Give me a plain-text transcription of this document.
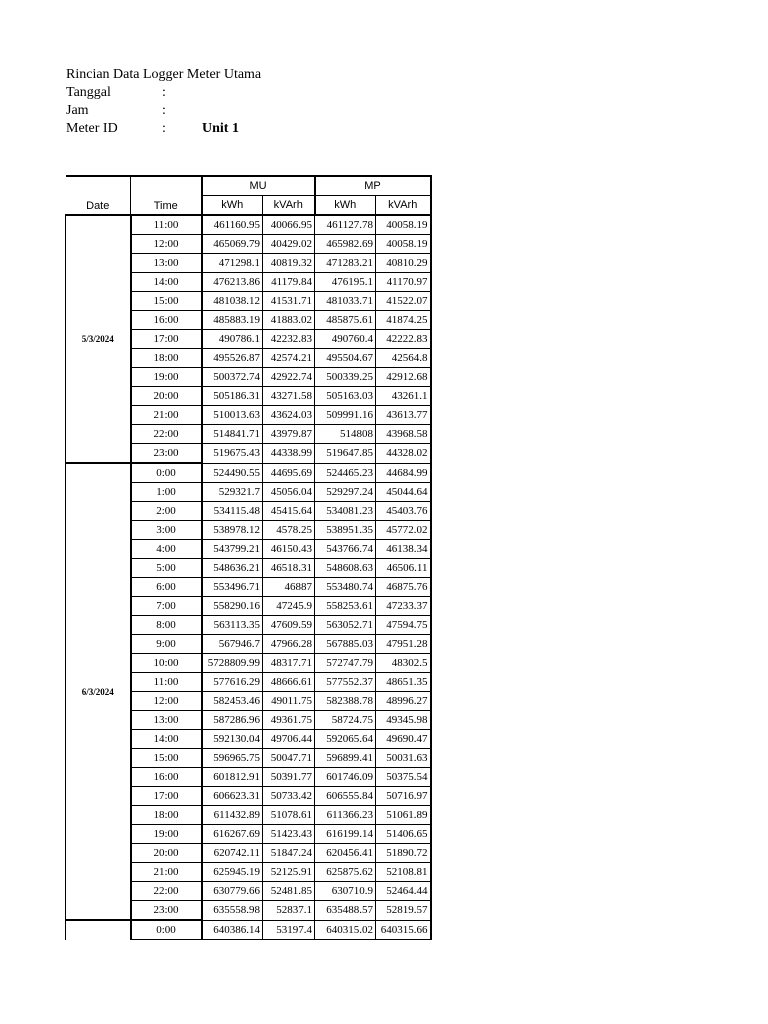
Rincian Data Logger Meter Utama
Tanggal	:
Jam	:
Meter ID	:	Unit 1
Date	Time	MU		MP	
		kWh	kVArh	kWh	kVArh
5/3/2024	11:00	461160.95	40066.95	461127.78	40058.19
	12:00	465069.79	40429.02	465982.69	40058.19
	13:00	471298.1	40819.32	471283.21	40810.29
	14:00	476213.86	41179.84	476195.1	41170.97
	15:00	481038.12	41531.71	481033.71	41522.07
	16:00	485883.19	41883.02	485875.61	41874.25
	17:00	490786.1	42232.83	490760.4	42222.83
	18:00	495526.87	42574.21	495504.67	42564.8
	19:00	500372.74	42922.74	500339.25	42912.68
	20:00	505186.31	43271.58	505163.03	43261.1
	21:00	510013.63	43624.03	509991.16	43613.77
	22:00	514841.71	43979.87	514808	43968.58
	23:00	519675.43	44338.99	519647.85	44328.02
6/3/2024	0:00	524490.55	44695.69	524465.23	44684.99
	1:00	529321.7	45056.04	529297.24	45044.64
	2:00	534115.48	45415.64	534081.23	45403.76
	3:00	538978.12	4578.25	538951.35	45772.02
	4:00	543799.21	46150.43	543766.74	46138.34
	5:00	548636.21	46518.31	548608.63	46506.11
	6:00	553496.71	46887	553480.74	46875.76
	7:00	558290.16	47245.9	558253.61	47233.37
	8:00	563113.35	47609.59	563052.71	47594.75
	9:00	567946.7	47966.28	567885.03	47951.28
	10:00	5728809.99	48317.71	572747.79	48302.5
	11:00	577616.29	48666.61	577552.37	48651.35
	12:00	582453.46	49011.75	582388.78	48996.27
	13:00	587286.96	49361.75	58724.75	49345.98
	14:00	592130.04	49706.44	592065.64	49690.47
	15:00	596965.75	50047.71	596899.41	50031.63
	16:00	601812.91	50391.77	601746.09	50375.54
	17:00	606623.31	50733.42	606555.84	50716.97
	18:00	611432.89	51078.61	611366.23	51061.89
	19:00	616267.69	51423.43	616199.14	51406.65
	20:00	620742.11	51847.24	620456.41	51890.72
	21:00	625945.19	52125.91	625875.62	52108.81
	22:00	630779.66	52481.85	630710.9	52464.44
	23:00	635558.98	52837.1	635488.57	52819.57
	0:00	640386.14	53197.4	640315.02	640315.66
